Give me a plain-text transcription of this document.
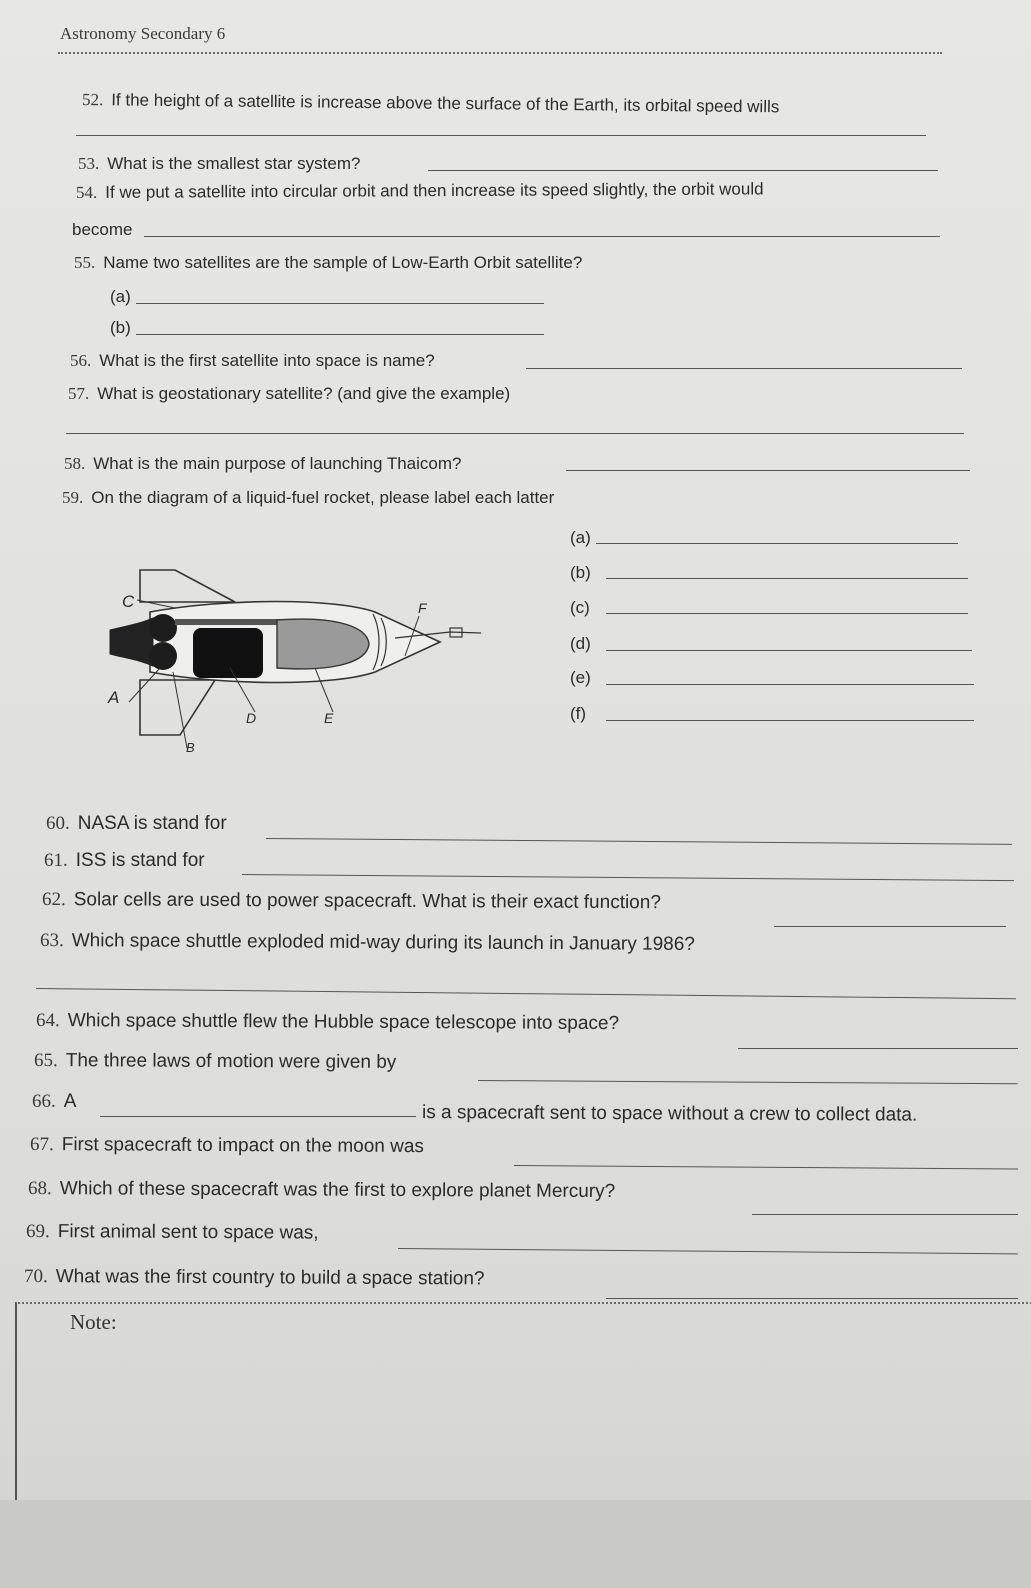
Astronomy Secondary 6
52. If the height of a satellite is increase above the surface of the Earth, its orbital speed wills
53. What is the smallest star system?
54. If we put a satellite into circular orbit and then increase its speed slightly, the orbit would
become
55. Name two satellites are the sample of Low-Earth Orbit satellite?
(a)
(b)
56. What is the first satellite into space is name?
57. What is geostationary satellite? (and give the example)
58. What is the main purpose of launching Thaicom?
59. On the diagram of a liquid-fuel rocket, please label each latter
C
A
B
D	E
F
(a)
(b)
(c)
(d)
(e)
(f)
60. NASA is stand for
61. ISS is stand for
62. Solar cells are used to power spacecraft. What is their exact function?
63. Which space shuttle exploded mid-way during its launch in January 1986?
64. Which space shuttle flew the Hubble space telescope into space?
65. The three laws of motion were given by
66. A
is a spacecraft sent to space without a crew to collect data.
67. First spacecraft to impact on the moon was
68. Which of these spacecraft was the first to explore planet Mercury?
69. First animal sent to space was,
70. What was the first country to build a space station?
Note:
